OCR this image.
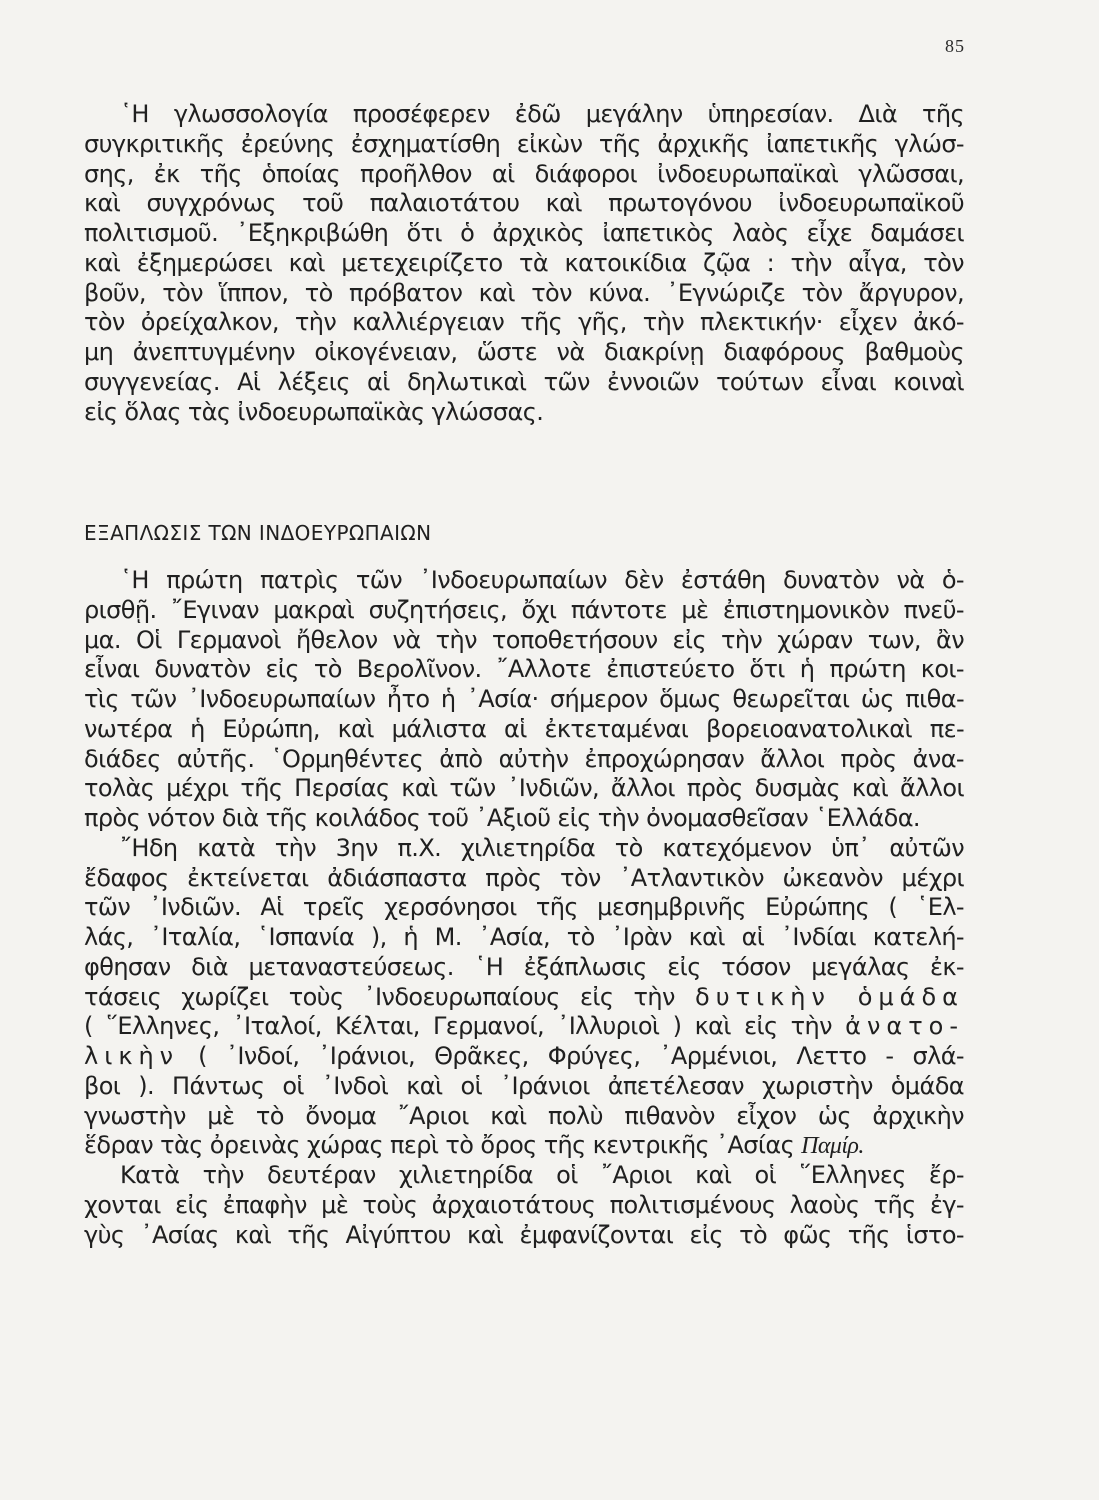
85
῾Η γλωσσολογία προσέφερεν ἐδῶ μεγάλην ὑπηρεσίαν. Διὰ τῆς
συγκριτικῆς ἐρεύνης ἐσχηματίσθη εἰκὼν τῆς ἀρχικῆς ἰαπετικῆς γλώσ-
σης, ἐκ τῆς ὁποίας προῆλθον αἱ διάφοροι ἰνδοευρωπαϊκαὶ γλῶσσαι,
καὶ συγχρόνως τοῦ παλαιοτάτου καὶ πρωτογόνου ἰνδοευρωπαϊκοῦ
πολιτισμοῦ. ᾿Εξηκριβώθη ὅτι ὁ ἀρχικὸς ἰαπετικὸς λαὸς εἶχε δαμάσει
καὶ ἐξημερώσει καὶ μετεχειρίζετο τὰ κατοικίδια ζῷα : τὴν αἶγα, τὸν
βοῦν, τὸν ἵππον, τὸ πρόβατον καὶ τὸν κύνα. ᾿Εγνώριζε τὸν ἄργυρον,
τὸν ὀρείχαλκον, τὴν καλλιέργειαν τῆς γῆς, τὴν πλεκτικήν· εἶχεν ἀκό-
μη ἀνεπτυγμένην οἰκογένειαν, ὥστε νὰ διακρίνῃ διαφόρους βαθμοὺς
συγγενείας. Αἱ λέξεις αἱ δηλωτικαὶ τῶν ἐννοιῶν τούτων εἶναι κοιναὶ
εἰς ὅλας τὰς ἰνδοευρωπαϊκὰς γλώσσας.
ΕΞΑΠΛΩΣΙΣ ΤΩΝ ΙΝΔΟΕΥΡΩΠΑΙΩΝ
῾Η πρώτη πατρὶς τῶν ᾿Ινδοευρωπαίων δὲν ἐστάθη δυνατὸν νὰ ὁ-
ρισθῇ. ῎Εγιναν μακραὶ συζητήσεις, ὄχι πάντοτε μὲ ἐπιστημονικὸν πνεῦ-
μα. Οἱ Γερμανοὶ ἤθελον νὰ τὴν τοποθετήσουν εἰς τὴν χώραν των, ἂν
εἶναι δυνατὸν εἰς τὸ Βερολῖνον. ῎Αλλοτε ἐπιστεύετο ὅτι ἡ πρώτη κοι-
τὶς τῶν ᾿Ινδοευρωπαίων ἦτο ἡ ᾿Ασία· σήμερον ὅμως θεωρεῖται ὡς πιθα-
νωτέρα ἡ Εὐρώπη, καὶ μάλιστα αἱ ἐκτεταμέναι βορειοανατολικαὶ πε-
διάδες αὐτῆς. ῾Ορμηθέντες ἀπὸ αὐτὴν ἐπροχώρησαν ἄλλοι πρὸς ἀνα-
τολὰς μέχρι τῆς Περσίας καὶ τῶν ᾿Ινδιῶν, ἄλλοι πρὸς δυσμὰς καὶ ἄλλοι
πρὸς νότον διὰ τῆς κοιλάδος τοῦ ᾿Αξιοῦ εἰς τὴν ὀνομασθεῖσαν ῾Ελλάδα.
῎Ηδη κατὰ τὴν 3ην π.Χ. χιλιετηρίδα τὸ κατεχόμενον ὑπ᾿ αὐτῶν
ἔδαφος ἐκτείνεται ἀδιάσπαστα πρὸς τὸν ᾿Ατλαντικὸν ὠκεανὸν μέχρι
τῶν ᾿Ινδιῶν. Αἱ τρεῖς χερσόνησοι τῆς μεσημβρινῆς Εὐρώπης ( ῾Ελ-
λάς, ᾿Ιταλία, ῾Ισπανία ), ἡ Μ. ᾿Ασία, τὸ ᾿Ιρὰν καὶ αἱ ᾿Ινδίαι κατελή-
φθησαν διὰ μεταναστεύσεως. ῾Η ἐξάπλωσις εἰς τόσον μεγάλας ἐκ-
τάσεις χωρίζει τοὺς ᾿Ινδοευρωπαίους εἰς τὴν δυτικὴν ὁμάδα
( ῞Ελληνες, ᾿Ιταλοί, Κέλται, Γερμανοί, ᾿Ιλλυριοὶ ) καὶ εἰς τὴν ἀνατο-
λικὴν ( ᾿Ινδοί, ᾿Ιράνιοι, Θρᾶκες, Φρύγες, ᾿Αρμένιοι, Λεττο - σλά-
βοι ). Πάντως οἱ ᾿Ινδοὶ καὶ οἱ ᾿Ιράνιοι ἀπετέλεσαν χωριστὴν ὁμάδα
γνωστὴν μὲ τὸ ὄνομα ῎Αριοι καὶ πολὺ πιθανὸν εἶχον ὡς ἀρχικὴν
ἕδραν τὰς ὀρεινὰς χώρας περὶ τὸ ὄρος τῆς κεντρικῆς ᾿Ασίας Παμίρ.
Κατὰ τὴν δευτέραν χιλιετηρίδα οἱ ῎Αριοι καὶ οἱ ῞Ελληνες ἔρ-
χονται εἰς ἐπαφὴν μὲ τοὺς ἀρχαιοτάτους πολιτισμένους λαοὺς τῆς ἐγ-
γὺς ᾿Ασίας καὶ τῆς Αἰγύπτου καὶ ἐμφανίζονται εἰς τὸ φῶς τῆς ἱστο-
